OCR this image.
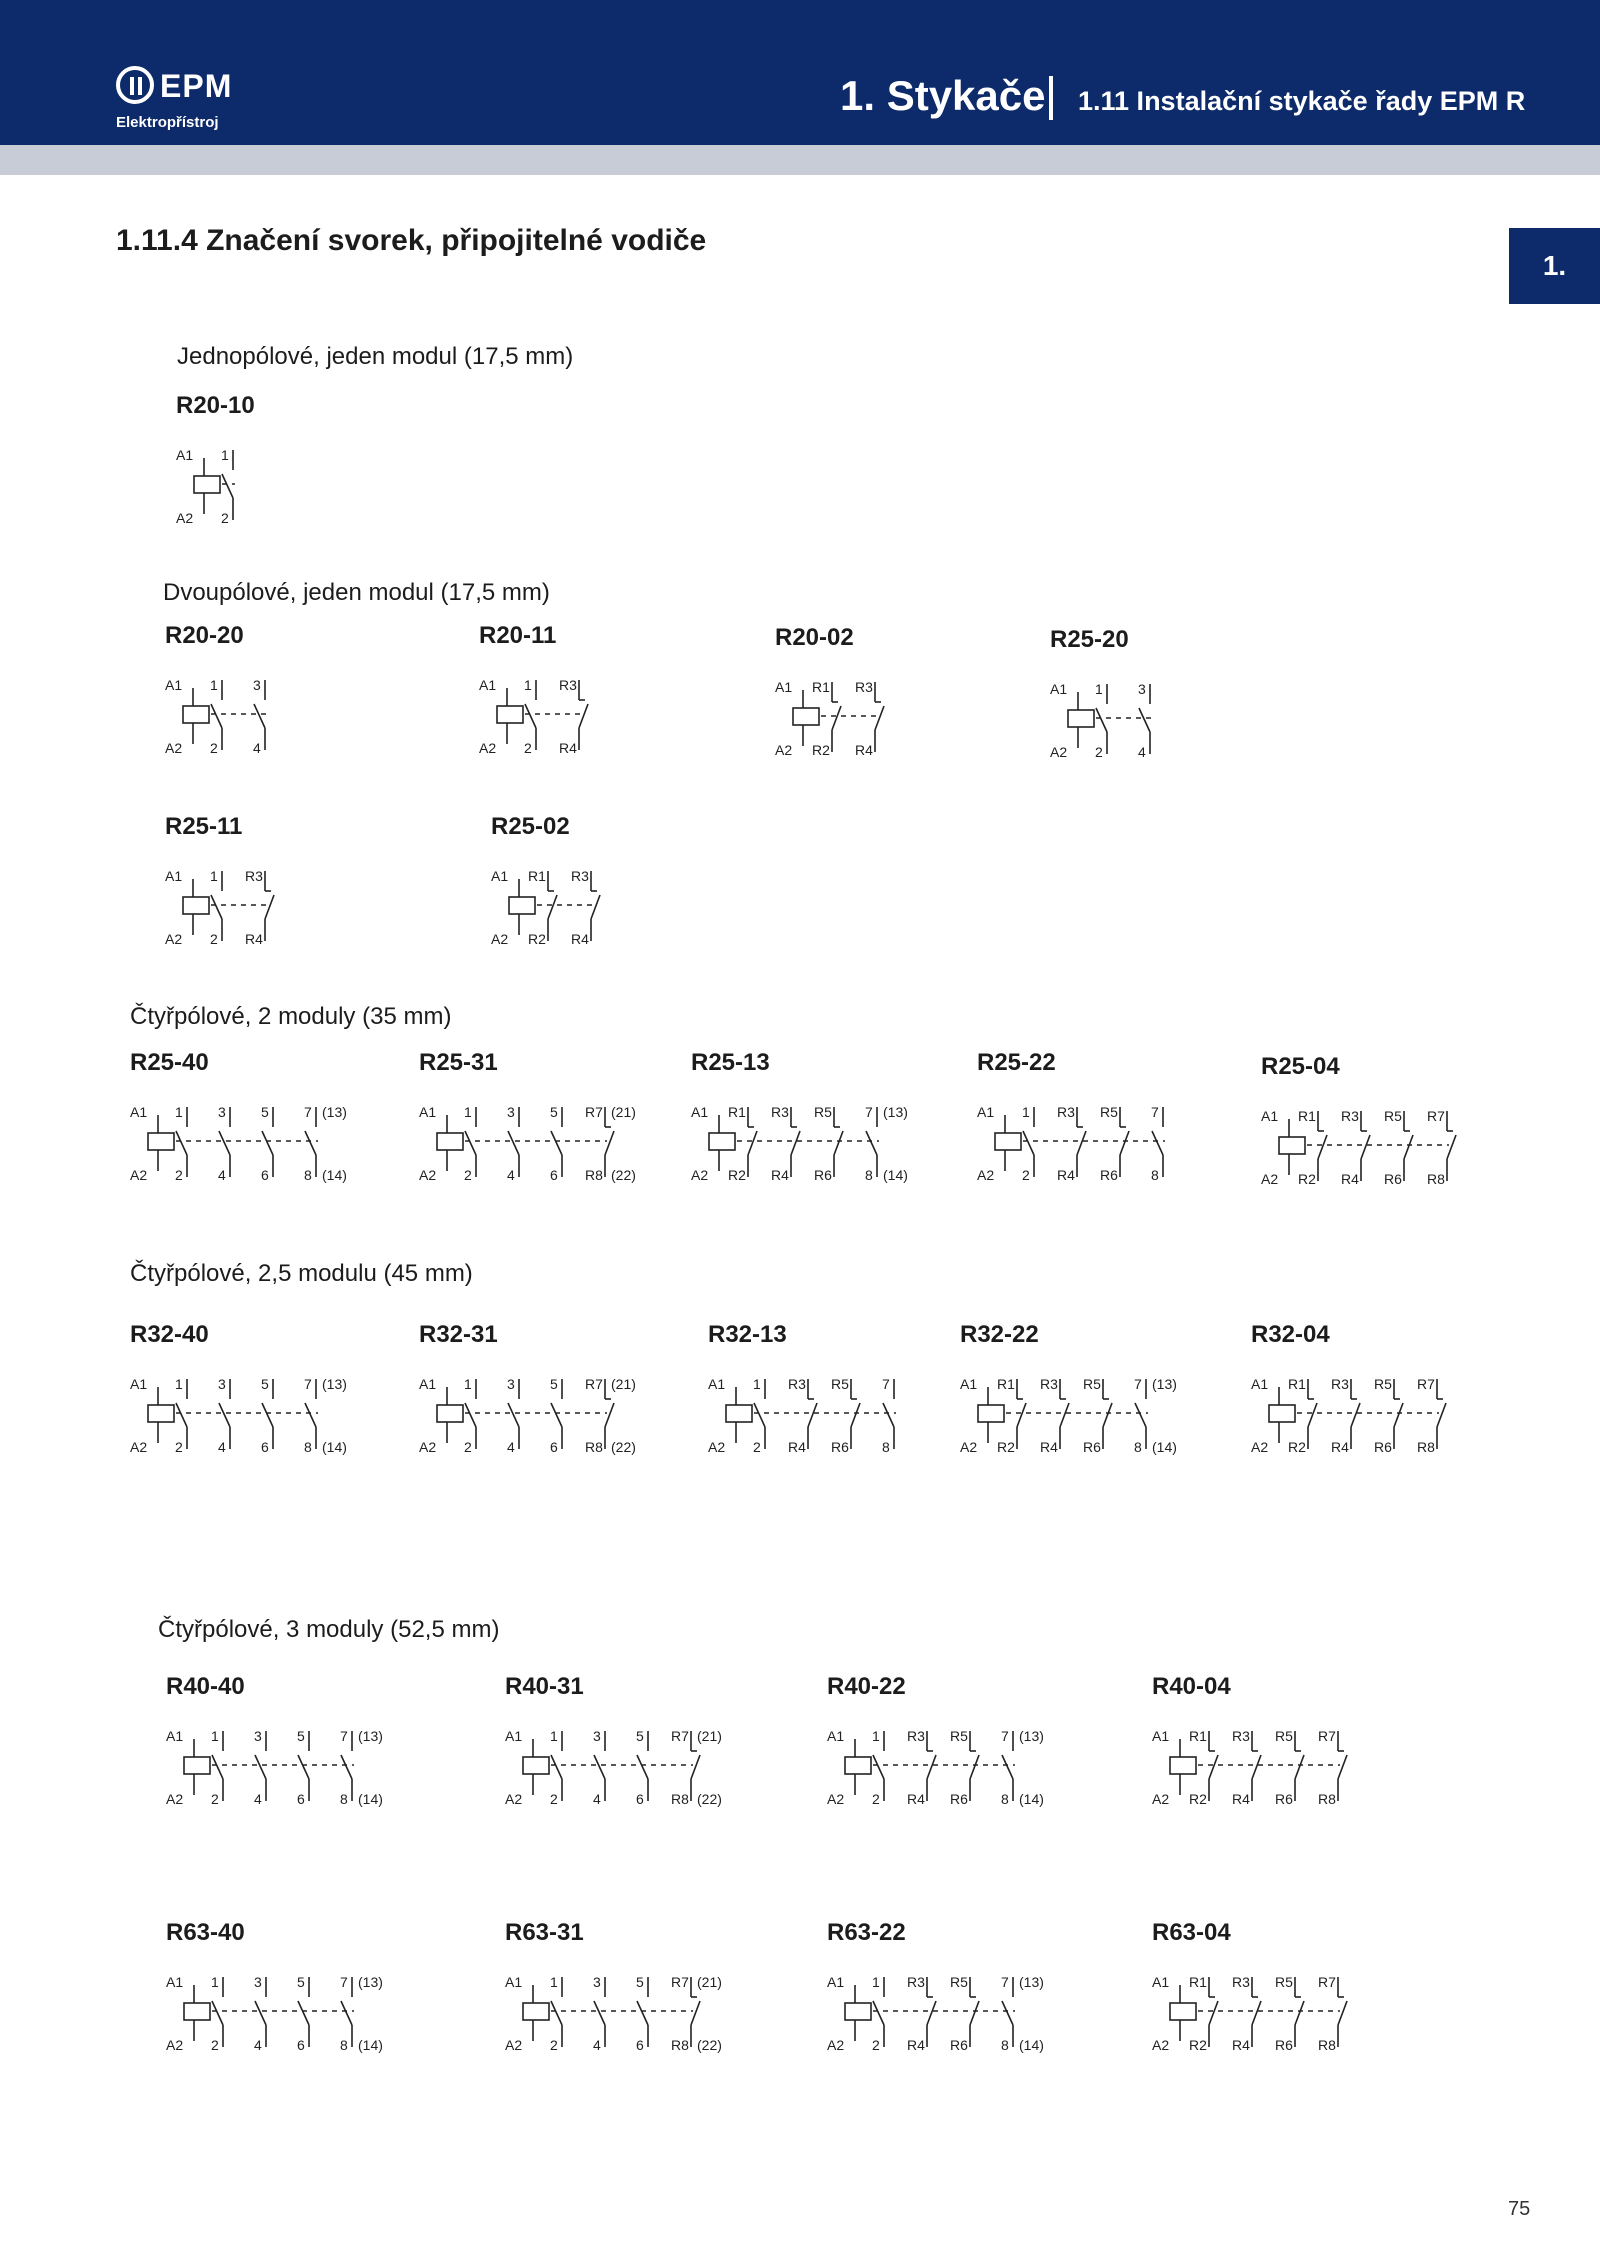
EPM
Elektropřístroj
1. Stykače 1.11 Instalační stykače řady EPM R
1.11.4 Značení svorek, připojitelné vodiče
1.
Jednopólové, jeden modul (17,5 mm)
Dvoupólové, jeden modul (17,5 mm)
Čtyřpólové, 2 moduly (35 mm)
Čtyřpólové, 2,5 modulu (45 mm)
Čtyřpólové, 3 moduly (52,5 mm)
R20-10
A1
A2
1
2
R20-20
A1
A2
1
2
3
4
R20-11
A1
A2
1
2
R3
R4
R20-02
A1
A2
R1
R2
R3
R4
R25-20
A1
A2
1
2
3
4
R25-11
A1
A2
1
2
R3
R4
R25-02
A1
A2
R1
R2
R3
R4
R25-40
A1
A2
1
2
3
4
5
6
7
8
(13)
(14)
R25-31
A1
A2
1
2
3
4
5
6
R7
R8
(21)
(22)
R25-13
A1
A2
R1
R2
R3
R4
R5
R6
7
8
(13)
(14)
R25-22
A1
A2
1
2
R3
R4
R5
R6
7
8
R25-04
A1
A2
R1
R2
R3
R4
R5
R6
R7
R8
R32-40
A1
A2
1
2
3
4
5
6
7
8
(13)
(14)
R32-31
A1
A2
1
2
3
4
5
6
R7
R8
(21)
(22)
R32-13
A1
A2
1
2
R3
R4
R5
R6
7
8
R32-22
A1
A2
R1
R2
R3
R4
R5
R6
7
8
(13)
(14)
R32-04
A1
A2
R1
R2
R3
R4
R5
R6
R7
R8
R40-40
A1
A2
1
2
3
4
5
6
7
8
(13)
(14)
R40-31
A1
A2
1
2
3
4
5
6
R7
R8
(21)
(22)
R40-22
A1
A2
1
2
R3
R4
R5
R6
7
8
(13)
(14)
R40-04
A1
A2
R1
R2
R3
R4
R5
R6
R7
R8
R63-40
A1
A2
1
2
3
4
5
6
7
8
(13)
(14)
R63-31
A1
A2
1
2
3
4
5
6
R7
R8
(21)
(22)
R63-22
A1
A2
1
2
R3
R4
R5
R6
7
8
(13)
(14)
R63-04
A1
A2
R1
R2
R3
R4
R5
R6
R7
R8
75
